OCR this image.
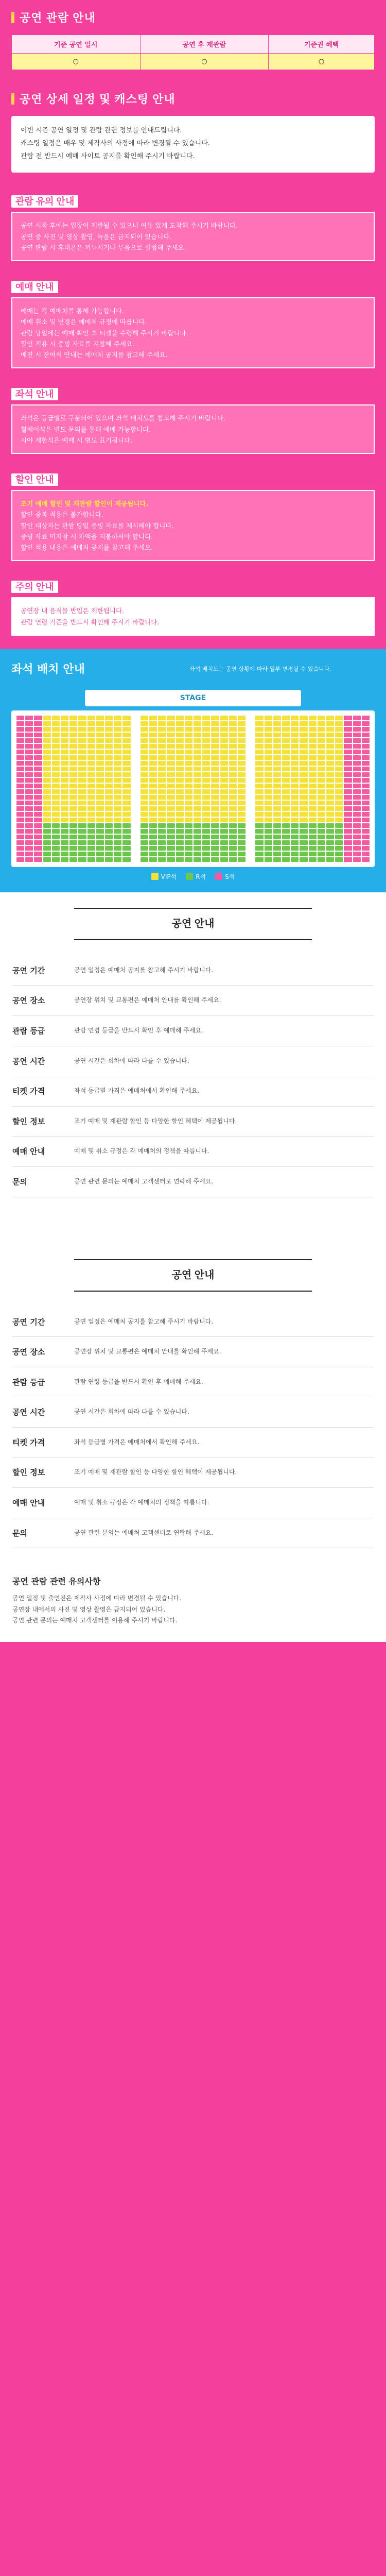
공연 관람 안내
기준 공연 일시	공연 후 재관람	기준권 혜택
○	○	○
공연 상세 일정 및 캐스팅 안내

이번 시즌 공연 일정 및 관람 관련 정보를 안내드립니다.

캐스팅 일정은 배우 및 제작사의 사정에 따라 변경될 수 있습니다.

관람 전 반드시 예매 사이트 공지를 확인해 주시기 바랍니다.

관람 유의 안내

공연 시작 후에는 입장이 제한될 수 있으니 여유 있게 도착해 주시기 바랍니다.

공연 중 사진 및 영상 촬영, 녹음은 금지되어 있습니다.

공연 관람 시 휴대폰은 꺼두시거나 무음으로 설정해 주세요.

예매 안내

예매는 각 예매처를 통해 가능합니다.

예매 취소 및 변경은 예매처 규정에 따릅니다.

관람 당일에는 예매 확인 후 티켓을 수령해 주시기 바랍니다.

할인 적용 시 증빙 자료를 지참해 주세요.

매진 시 잔여석 안내는 예매처 공지를 참고해 주세요.

좌석 안내

좌석은 등급별로 구분되어 있으며 좌석 배치도를 참고해 주시기 바랍니다.

휠체어석은 별도 문의를 통해 예매 가능합니다.

시야 제한석은 예매 시 별도 표기됩니다.

할인 안내

조기 예매 할인 및 재관람 할인이 제공됩니다.

할인 중복 적용은 불가합니다.

할인 대상자는 관람 당일 증빙 자료를 제시해야 합니다.

증빙 자료 미지참 시 차액을 지불하셔야 합니다.

할인 적용 내용은 예매처 공지를 참고해 주세요.

주의 안내

공연장 내 음식물 반입은 제한됩니다.

관람 연령 기준을 반드시 확인해 주시기 바랍니다.

좌석 배치 안내	좌석 배치도는 공연 상황에 따라 일부 변경될 수 있습니다.
STAGE
VIP석	R석	S석
공연 안내
공연 기간	공연 일정은 예매처 공지를 참고해 주시기 바랍니다.
공연 장소	공연장 위치 및 교통편은 예매처 안내를 확인해 주세요.
관람 등급	관람 연령 등급을 반드시 확인 후 예매해 주세요.
공연 시간	공연 시간은 회차에 따라 다를 수 있습니다.
티켓 가격	좌석 등급별 가격은 예매처에서 확인해 주세요.
할인 정보	조기 예매 및 재관람 할인 등 다양한 할인 혜택이 제공됩니다.
예매 안내	예매 및 취소 규정은 각 예매처의 정책을 따릅니다.
문의	공연 관련 문의는 예매처 고객센터로 연락해 주세요.
공연 안내
공연 기간	공연 일정은 예매처 공지를 참고해 주시기 바랍니다.
공연 장소	공연장 위치 및 교통편은 예매처 안내를 확인해 주세요.
관람 등급	관람 연령 등급을 반드시 확인 후 예매해 주세요.
공연 시간	공연 시간은 회차에 따라 다를 수 있습니다.
티켓 가격	좌석 등급별 가격은 예매처에서 확인해 주세요.
할인 정보	조기 예매 및 재관람 할인 등 다양한 할인 혜택이 제공됩니다.
예매 안내	예매 및 취소 규정은 각 예매처의 정책을 따릅니다.
문의	공연 관련 문의는 예매처 고객센터로 연락해 주세요.
공연 관람 관련 유의사항

공연 일정 및 출연진은 제작사 사정에 따라 변경될 수 있습니다.

공연장 내에서의 사진 및 영상 촬영은 금지되어 있습니다.

공연 관련 문의는 예매처 고객센터를 이용해 주시기 바랍니다.
